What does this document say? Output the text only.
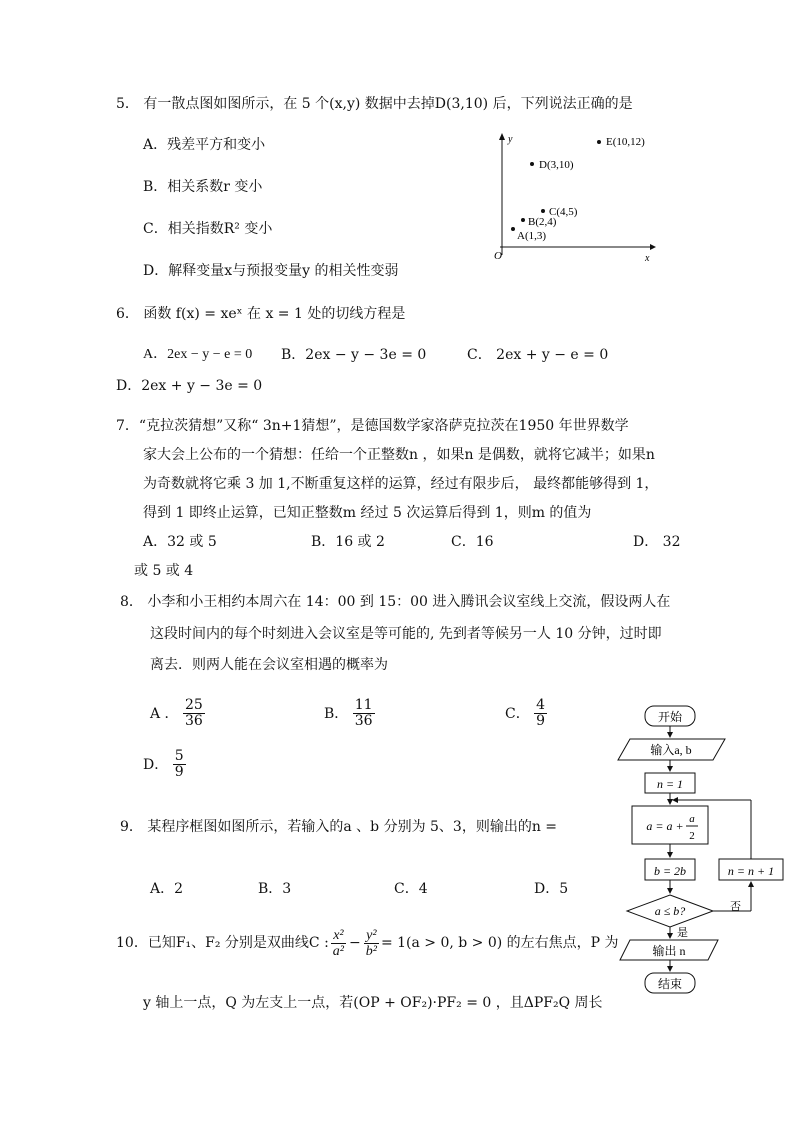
5． 有一散点图如图所示，在 5 个(x,y) 数据中去掉D(3,10) 后，下列说法正确的是
A．残差平方和变小
B．相关系数r 变小
C．相关指数R² 变小
D．解释变量x与预报变量y 的相关性变弱
y
x
O
E(10,12)
D(3,10)
C(4,5)
B(2,4)
A(1,3)
6． 函数 f(x) = xeˣ 在 x = 1 处的切线方程是
A．2ex − y − e = 0 B．2ex − y − 3e = 0	C． 2ex + y − e = 0
D．2ex + y − 3e = 0
7．“克拉茨猜想”又称“ 3n+1猜想”，是德国数学家洛萨克拉茨在1950 年世界数学
家大会上公布的一个猜想：任给一个正整数n ，如果n 是偶数，就将它减半；如果n
为奇数就将它乘 3 加 1,不断重复这样的运算，经过有限步后， 最终都能够得到 1，
得到 1 即终止运算，已知正整数m 经过 5 次运算后得到 1，则m 的值为
A．32 或 5	B．16 或 2	C．16	D． 32
或 5 或 4
8． 小李和小王相约本周六在 14：00 到 15：00 进入腾讯会议室线上交流，假设两人在
这段时间内的每个时刻进入会议室是等可能的, 先到者等候另一人 10 分钟，过时即
离去．则两人能在会议室相遇的概率为
A ． $\frac{25}{36}$	B． $\frac{11}{36}$	C． $\frac{4}{9}$
D． $\frac{5}{9}$
9． 某程序框图如图所示，若输入的a 、b 分别为 5、3，则输出的n =
A．2	B．3	C．4	D．5
开始
输入a, b
n = 1
a = a + a
2
b = 2b
a ≤ b?	否
n = n + 1
是
输出 n
结束
10．已知F₁、F₂ 分别是双曲线C : $\frac{\text{x²}}{\text{a²}} - \frac{\text{y²}}{\text{b²}} = 1(a > 0$, b > 0) 的左右焦点，P 为
y 轴上一点，Q 为左支上一点，若(OP + OF₂)·PF₂ = 0 ，且ΔPF₂Q 周长
